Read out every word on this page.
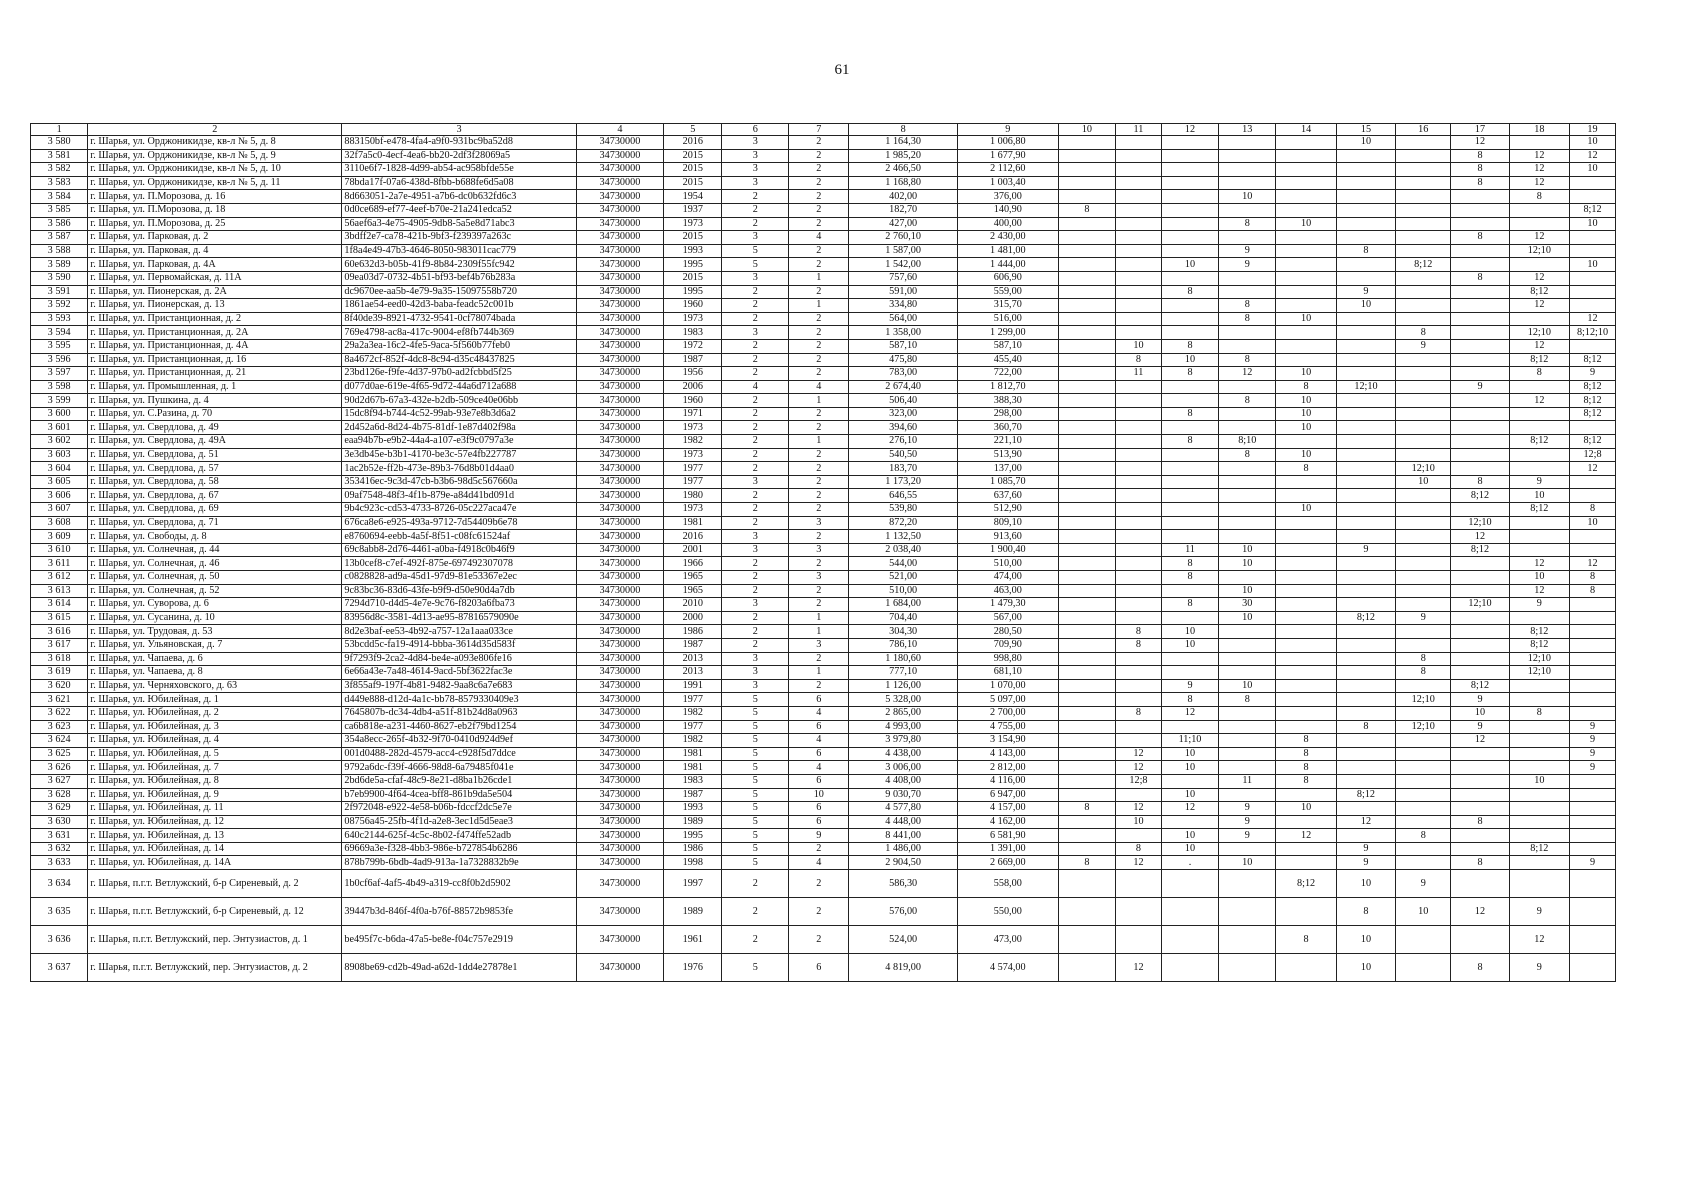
61
1	2	3	4	5	6	7	8	9	10	11	12	13	14	15	16	17	18	19
3 580	г. Шарья, ул. Орджоникидзе, кв-л № 5, д. 8	883150bf-e478-4fa4-a9f0-931bc9ba52d8	34730000	2016	3	2	1 164,30	1 006,80						10		12		10
3 581	г. Шарья, ул. Орджоникидзе, кв-л № 5, д. 9	32f7a5c0-4ecf-4ea6-bb20-2df3f28069a5	34730000	2015	3	2	1 985,20	1 677,90								8	12	12
3 582	г. Шарья, ул. Орджоникидзе, кв-л № 5, д. 10	3110e6f7-1828-4d99-ab54-ac958bfde55e	34730000	2015	3	2	2 466,50	2 112,60								8	12	10
3 583	г. Шарья, ул. Орджоникидзе, кв-л № 5, д. 11	78bda17f-07a6-438d-8fbb-b688fe6d5a08	34730000	2015	3	2	1 168,80	1 003,40								8	12	
3 584	г. Шарья, ул. П.Морозова, д. 16	8d663051-2a7e-4951-a7b6-dc0b632fd6c3	34730000	1954	2	2	402,00	376,00				10					8	
3 585	г. Шарья, ул. П.Морозова, д. 18	0d0ce689-ef77-4eef-b70e-21a241edca52	34730000	1937	2	2	182,70	140,90	8									8;12
3 586	г. Шарья, ул. П.Морозова, д. 25	56aef6a3-4e75-4905-9db8-5a5e8d71abc3	34730000	1973	2	2	427,00	400,00				8	10					10
3 587	г. Шарья, ул. Парковая, д. 2	3bdff2e7-ca78-421b-9bf3-f239397a263c	34730000	2015	3	4	2 760,10	2 430,00								8	12	
3 588	г. Шарья, ул. Парковая, д. 4	1f8a4e49-47b3-4646-8050-983011cac779	34730000	1993	5	2	1 587,00	1 481,00				9		8			12;10	
3 589	г. Шарья, ул. Парковая, д. 4А	60e632d3-b05b-41f9-8b84-2309f55fc942	34730000	1995	5	2	1 542,00	1 444,00			10	9			8;12			10
3 590	г. Шарья, ул. Первомайская, д. 11А	09ea03d7-0732-4b51-bf93-bef4b76b283a	34730000	2015	3	1	757,60	606,90								8	12	
3 591	г. Шарья, ул. Пионерская, д. 2А	dc9670ee-aa5b-4e79-9a35-15097558b720	34730000	1995	2	2	591,00	559,00			8			9			8;12	
3 592	г. Шарья, ул. Пионерская, д. 13	1861ae54-eed0-42d3-baba-feadc52c001b	34730000	1960	2	1	334,80	315,70				8		10			12	
3 593	г. Шарья, ул. Пристанционная, д. 2	8f40de39-8921-4732-9541-0cf78074bada	34730000	1973	2	2	564,00	516,00				8	10					12
3 594	г. Шарья, ул. Пристанционная, д. 2А	769e4798-ac8a-417c-9004-ef8fb744b369	34730000	1983	3	2	1 358,00	1 299,00							8		12;10	8;12;10
3 595	г. Шарья, ул. Пристанционная, д. 4А	29a2a3ea-16c2-4fe5-9aca-5f560b77feb0	34730000	1972	2	2	587,10	587,10		10	8				9		12	
3 596	г. Шарья, ул. Пристанционная, д. 16	8a4672cf-852f-4dc8-8c94-d35c48437825	34730000	1987	2	2	475,80	455,40		8	10	8					8;12	8;12
3 597	г. Шарья, ул. Пристанционная, д. 21	23bd126e-f9fe-4d37-97b0-ad2fcbbd5f25	34730000	1956	2	2	783,00	722,00		11	8	12	10				8	9
3 598	г. Шарья, ул. Промышленная, д. 1	d077d0ae-619e-4f65-9d72-44a6d712a688	34730000	2006	4	4	2 674,40	1 812,70					8	12;10		9		8;12
3 599	г. Шарья, ул. Пушкина, д. 4	90d2d67b-67a3-432e-b2db-509ce40e06bb	34730000	1960	2	1	506,40	388,30				8	10				12	8;12
3 600	г. Шарья, ул. С.Разина, д. 70	15dc8f94-b744-4c52-99ab-93e7e8b3d6a2	34730000	1971	2	2	323,00	298,00			8		10					8;12
3 601	г. Шарья, ул. Свердлова, д. 49	2d452a6d-8d24-4b75-81df-1e87d402f98a	34730000	1973	2	2	394,60	360,70					10					
3 602	г. Шарья, ул. Свердлова, д. 49А	eaa94b7b-e9b2-44a4-a107-e3f9c0797a3e	34730000	1982	2	1	276,10	221,10			8	8;10					8;12	8;12
3 603	г. Шарья, ул. Свердлова, д. 51	3e3db45e-b3b1-4170-be3c-57e4fb227787	34730000	1973	2	2	540,50	513,90				8	10					12;8
3 604	г. Шарья, ул. Свердлова, д. 57	1ac2b52e-ff2b-473e-89b3-76d8b01d4aa0	34730000	1977	2	2	183,70	137,00					8		12;10			12
3 605	г. Шарья, ул. Свердлова, д. 58	353416ec-9c3d-47cb-b3b6-98d5c567660a	34730000	1977	3	2	1 173,20	1 085,70							10	8	9	
3 606	г. Шарья, ул. Свердлова, д. 67	09af7548-48f3-4f1b-879e-a84d41bd091d	34730000	1980	2	2	646,55	637,60								8;12	10	
3 607	г. Шарья, ул. Свердлова, д. 69	9b4c923c-cd53-4733-8726-05c227aca47e	34730000	1973	2	2	539,80	512,90					10				8;12	8
3 608	г. Шарья, ул. Свердлова, д. 71	676ca8e6-e925-493a-9712-7d54409b6e78	34730000	1981	2	3	872,20	809,10								12;10		10
3 609	г. Шарья, ул. Свободы, д. 8	e8760694-eebb-4a5f-8f51-c08fc61524af	34730000	2016	3	2	1 132,50	913,60								12		
3 610	г. Шарья, ул. Солнечная, д. 44	69c8abb8-2d76-4461-a0ba-f4918c0b46f9	34730000	2001	3	3	2 038,40	1 900,40			11	10		9		8;12		
3 611	г. Шарья, ул. Солнечная, д. 46	13b0cef8-c7ef-492f-875e-697492307078	34730000	1966	2	2	544,00	510,00			8	10					12	12
3 612	г. Шарья, ул. Солнечная, д. 50	c0828828-ad9a-45d1-97d9-81e53367e2ec	34730000	1965	2	3	521,00	474,00			8						10	8
3 613	г. Шарья, ул. Солнечная, д. 52	9c83bc36-83d6-43fe-b9f9-d50e90d4a7db	34730000	1965	2	2	510,00	463,00				10					12	8
3 614	г. Шарья, ул. Суворова, д. 6	7294d710-d4d5-4e7e-9c76-f8203a6fba73	34730000	2010	3	2	1 684,00	1 479,30			8	30				12;10	9	
3 615	г. Шарья, ул. Сусанина, д. 10	83956d8c-3581-4d13-ae95-87816579090e	34730000	2000	2	1	704,40	567,00				10		8;12	9			
3 616	г. Шарья, ул. Трудовая, д. 53	8d2e3baf-ee53-4b92-a757-12a1aaa033ce	34730000	1986	2	1	304,30	280,50		8	10						8;12	
3 617	г. Шарья, ул. Ульяновская, д. 7	53bcdd5c-fa19-4914-bbba-3614d35d583f	34730000	1987	2	3	786,10	709,90		8	10						8;12	
3 618	г. Шарья, ул. Чапаева, д. 6	9f7293f9-2ca2-4d84-be4e-a093e806fe16	34730000	2013	3	2	1 180,60	998,80							8		12;10	
3 619	г. Шарья, ул. Чапаева, д. 8	6e66a43e-7a48-4614-9acd-5bf3622fac3e	34730000	2013	3	1	777,10	681,10							8		12;10	
3 620	г. Шарья, ул. Черняховского, д. 63	3f855af9-197f-4b81-9482-9aa8c6a7e683	34730000	1991	3	2	1 126,00	1 070,00			9	10				8;12		
3 621	г. Шарья, ул. Юбилейная, д. 1	d449e888-d12d-4a1c-bb78-8579330409e3	34730000	1977	5	6	5 328,00	5 097,00			8	8			12;10	9		
3 622	г. Шарья, ул. Юбилейная, д. 2	7645807b-dc34-4db4-a51f-81b24d8a0963	34730000	1982	5	4	2 865,00	2 700,00		8	12					10	8	
3 623	г. Шарья, ул. Юбилейная, д. 3	ca6b818e-a231-4460-8627-eb2f79bd1254	34730000	1977	5	6	4 993,00	4 755,00						8	12;10	9		9
3 624	г. Шарья, ул. Юбилейная, д. 4	354a8ecc-265f-4b32-9f70-0410d924d9ef	34730000	1982	5	4	3 979,80	3 154,90			11;10		8			12		9
3 625	г. Шарья, ул. Юбилейная, д. 5	001d0488-282d-4579-acc4-c928f5d7ddce	34730000	1981	5	6	4 438,00	4 143,00		12	10		8					9
3 626	г. Шарья, ул. Юбилейная, д. 7	9792a6dc-f39f-4666-98d8-6a79485f041e	34730000	1981	5	4	3 006,00	2 812,00		12	10		8					9
3 627	г. Шарья, ул. Юбилейная, д. 8	2bd6de5a-cfaf-48c9-8e21-d8ba1b26cde1	34730000	1983	5	6	4 408,00	4 116,00		12;8		11	8				10	
3 628	г. Шарья, ул. Юбилейная, д. 9	b7eb9900-4f64-4cea-bff8-861b9da5e504	34730000	1987	5	10	9 030,70	6 947,00			10			8;12				
3 629	г. Шарья, ул. Юбилейная, д. 11	2f972048-e922-4e58-b06b-fdccf2dc5e7e	34730000	1993	5	6	4 577,80	4 157,00	8	12	12	9	10					
3 630	г. Шарья, ул. Юбилейная, д. 12	08756a45-25fb-4f1d-a2e8-3ec1d5d5eae3	34730000	1989	5	6	4 448,00	4 162,00		10		9		12		8		
3 631	г. Шарья, ул. Юбилейная, д. 13	640c2144-625f-4c5c-8b02-f474ffe52adb	34730000	1995	5	9	8 441,00	6 581,90			10	9	12		8			
3 632	г. Шарья, ул. Юбилейная, д. 14	69669a3e-f328-4bb3-986e-b727854b6286	34730000	1986	5	2	1 486,00	1 391,00		8	10			9			8;12	
3 633	г. Шарья, ул. Юбилейная, д. 14А	878b799b-6bdb-4ad9-913a-1a7328832b9e	34730000	1998	5	4	2 904,50	2 669,00	8	12	.	10		9		8		9
3 634	г. Шарья, п.г.т. Ветлужский, б-р Сиреневый, д. 2	1b0cf6af-4af5-4b49-a319-cc8f0b2d5902	34730000	1997	2	2	586,30	558,00					8;12	10	9			
3 635	г. Шарья, п.г.т. Ветлужский, б-р Сиреневый, д. 12	39447b3d-846f-4f0a-b76f-88572b9853fe	34730000	1989	2	2	576,00	550,00						8	10	12	9	
3 636	г. Шарья, п.г.т. Ветлужский, пер. Энтузиастов, д. 1	be495f7c-b6da-47a5-be8e-f04c757e2919	34730000	1961	2	2	524,00	473,00					8	10			12	
3 637	г. Шарья, п.г.т. Ветлужский, пер. Энтузиастов, д. 2	8908be69-cd2b-49ad-a62d-1dd4e27878e1	34730000	1976	5	6	4 819,00	4 574,00		12				10		8	9	
